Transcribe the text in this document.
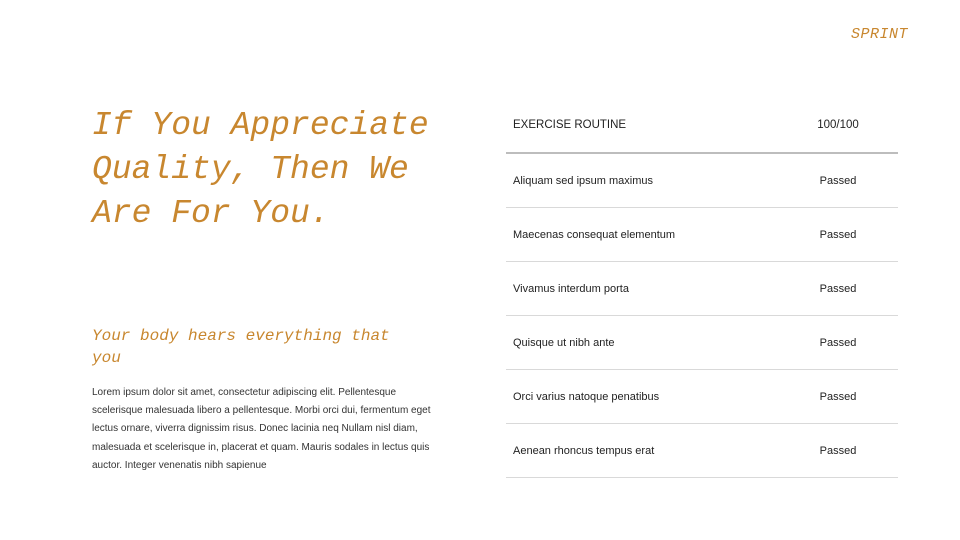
SPRINT
If You Appreciate Quality, Then We Are For You.

Your body hears everything that you

Lorem ipsum dolor sit amet, consectetur adipiscing elit. Pellentesque scelerisque malesuada libero a pellentesque. Morbi orci dui, fermentum eget lectus ornare, viverra dignissim risus. Donec lacinia neq Nullam nisl diam, malesuada et scelerisque in, placerat et quam. Mauris sodales in lectus quis auctor. Integer venenatis nibh sapienue

EXERCISE ROUTINE	100/100
Aliquam sed ipsum maximus	Passed
Maecenas consequat elementum	Passed
Vivamus interdum porta	Passed
Quisque ut nibh ante	Passed
Orci varius natoque penatibus	Passed
Aenean rhoncus tempus erat	Passed
